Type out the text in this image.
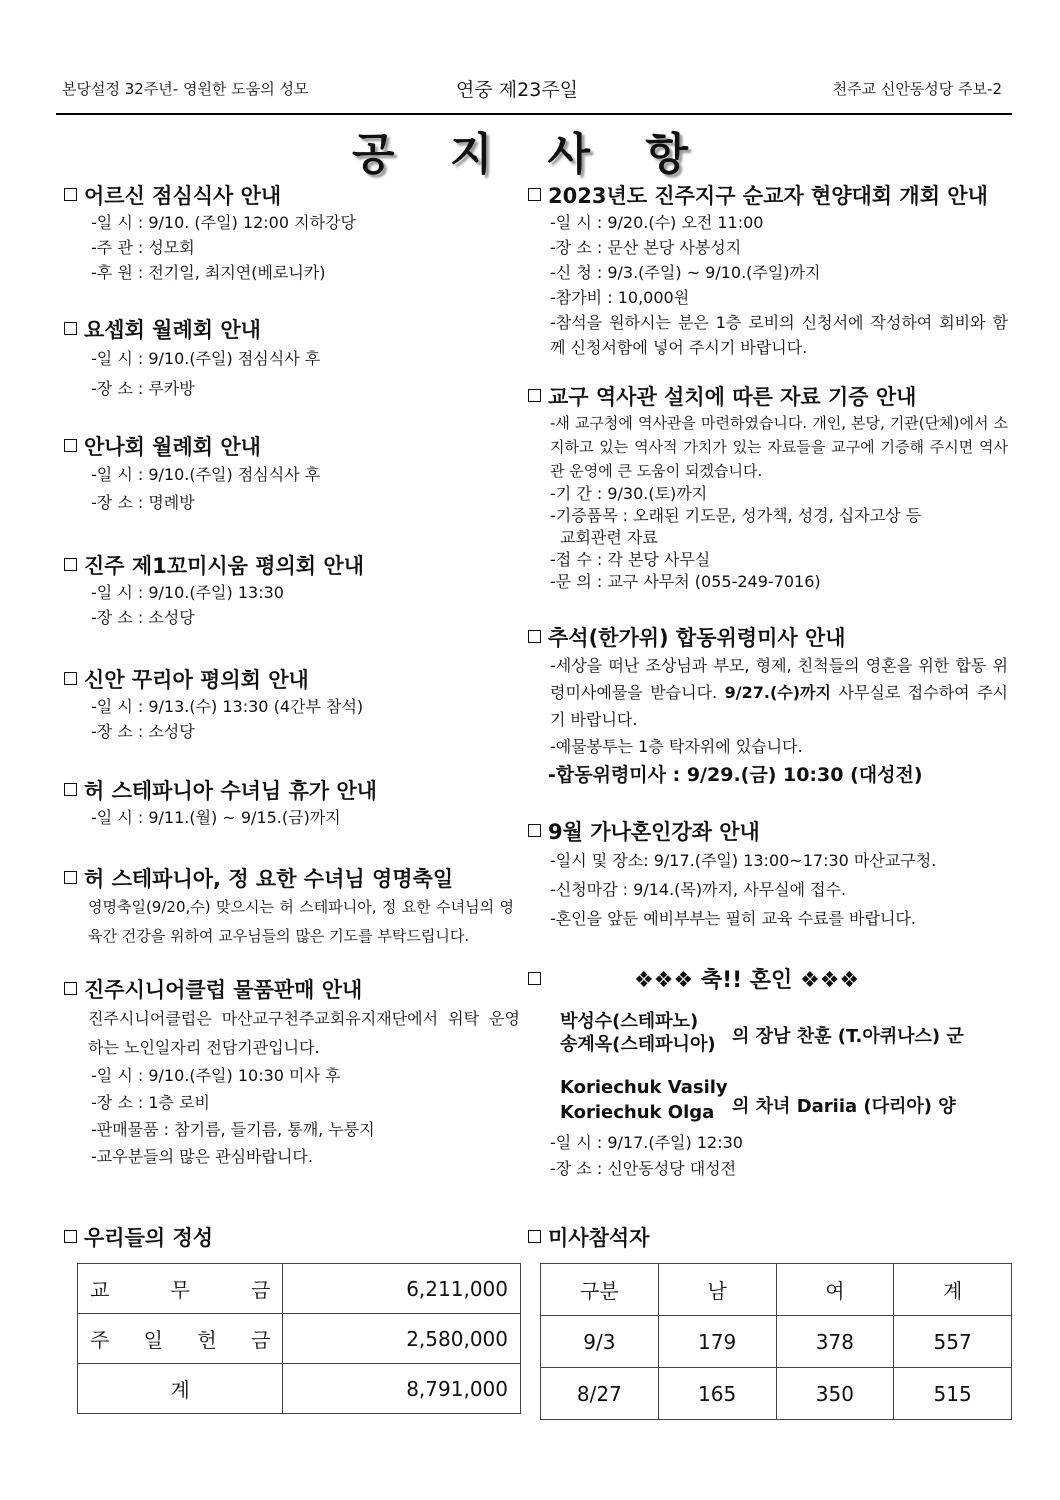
본당설정 32주년- 영원한 도움의 성모	연중 제23주일	천주교 신안동성당 주보-2
공 지 사 항
어르신 점심식사 안내
-일 시 : 9/10. (주일) 12:00 지하강당
-주 관 : 성모회
-후 원 : 전기일, 최지연(베로니카)
요셉회 월례회 안내
-일 시 : 9/10.(주일) 점심식사 후
-장 소 : 루카방
안나회 월례회 안내
-일 시 : 9/10.(주일) 점심식사 후
-장 소 : 명례방
진주 제1꼬미시움 평의회 안내
-일 시 : 9/10.(주일) 13:30
-장 소 : 소성당
신안 꾸리아 평의회 안내
-일 시 : 9/13.(수) 13:30 (4간부 참석)
-장 소 : 소성당
허 스테파니아 수녀님 휴가 안내
-일 시 : 9/11.(월) ~ 9/15.(금)까지
허 스테파니아, 정 요한 수녀님 영명축일
영명축일(9/20,수) 맞으시는 허 스테파니아, 정 요한 수녀님의 영육간 건강을 위하여 교우님들의 많은 기도를 부탁드립니다.
진주시니어클럽 물품판매 안내
진주시니어클럽은 마산교구천주교회유지재단에서 위탁 운영하는 노인일자리 전담기관입니다.
-일 시 : 9/10.(주일) 10:30 미사 후
-장 소 : 1층 로비
-판매물품 : 참기름, 들기름, 통깨, 누룽지
-교우분들의 많은 관심바랍니다.
2023년도 진주지구 순교자 현양대회 개회 안내
-일 시 : 9/20.(수) 오전 11:00
-장 소 : 문산 본당 사봉성지
-신 청 : 9/3.(주일) ~ 9/10.(주일)까지
-참가비 : 10,000원
-참석을 원하시는 분은 1층 로비의 신청서에 작성하여 회비와 함께 신청서함에 넣어 주시기 바랍니다.
교구 역사관 설치에 따른 자료 기증 안내
-새 교구청에 역사관을 마련하였습니다. 개인, 본당, 기관(단체)에서 소지하고 있는 역사적 가치가 있는 자료들을 교구에 기증해 주시면 역사관 운영에 큰 도움이 되겠습니다.
-기 간 : 9/30.(토)까지
-기증품목 : 오래된 기도문, 성가책, 성경, 십자고상 등
교회관련 자료
-접 수 : 각 본당 사무실
-문 의 : 교구 사무처 (055-249-7016)
추석(한가위) 합동위령미사 안내
-세상을 떠난 조상님과 부모, 형제, 친척들의 영혼을 위한 합동 위령미사예물을 받습니다. 9/27.(수)까지 사무실로 접수하여 주시기 바랍니다.
-예물봉투는 1층 탁자위에 있습니다.
-합동위령미사 : 9/29.(금) 10:30 (대성전)
9월 가나혼인강좌 안내
-일시 및 장소: 9/17.(주일) 13:00~17:30 마산교구청.
-신청마감 : 9/14.(목)까지, 사무실에 접수.
-혼인을 앞둔 예비부부는 필히 교육 수료를 바랍니다.
❖❖❖ 축!! 혼인 ❖❖❖
박성수(스테파노)
송계옥(스테파니아) 의 장남 찬훈 (T.아퀴나스) 군
Koriechuk Vasily
Koriechuk Olga 의 차녀 Dariia (다리아) 양
-일 시 : 9/17.(주일) 12:30
-장 소 : 신안동성당 대성전
우리들의 정성
교 무 금	6,211,000

주 일 헌 금	2,580,000
계	8,791,000
미사참석자
구분	남	여	계
9/3	179	378	557
8/27	165	350	515
